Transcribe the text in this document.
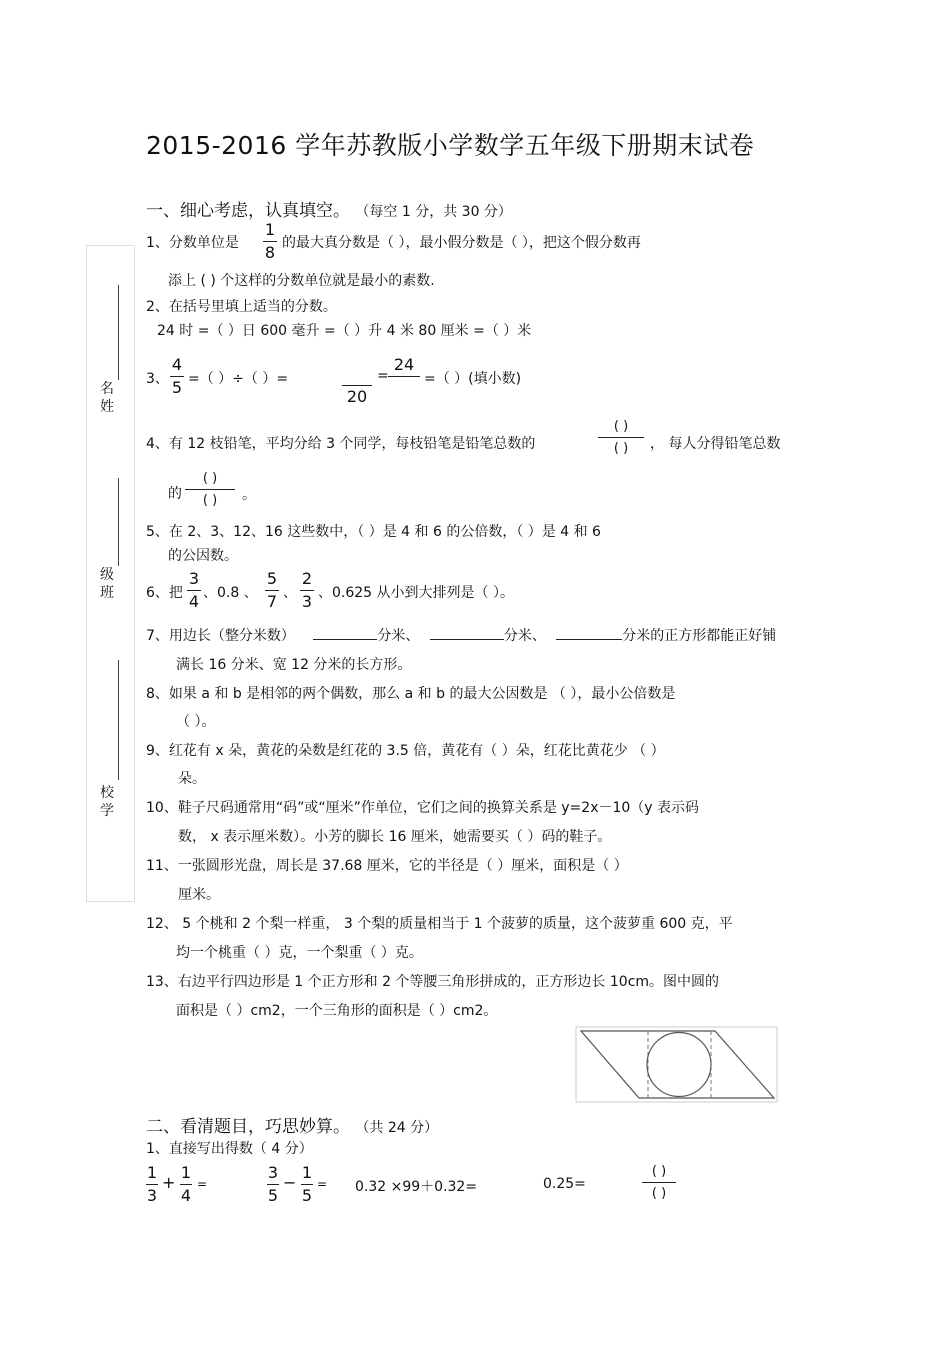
2015-2016 学年苏教版小学数学五年级下册期末试卷
名
姓
级
班
校
学
一、细心考虑，认真填空。 （每空 1 分，共 30 分）
1、分数单位是 $\frac{1}{8}$ 的最大真分数是（ ），最小假分数是（ ），把这个假分数再
添上 ( ) 个这样的分数单位就是最小的素数.
2、在括号里填上适当的分数。
24 时 =（ ）日 600 毫升 =（ ）升 4 米 80 厘米 =（ ）米
3、 $\frac{4}{5}$ =（ ）÷（ ）=

20
=
24

=（ ）(填小数)
4、有 12 枝铅笔，平均分给 3 个同学，每枝铅笔是铅笔总数的
( )
( )	， 每人分得铅笔总数
的
( )
( )	。
5、在 2、3、12、16 这些数中，（ ）是 4 和 6 的公倍数，（ ）是 4 和 6
的公因数。
6、把
3
4 、0.8 、
5
7 、
2
3 、0.625 从小到大排列是（ ）。
7、用边长（整分米数）	分米、	分米、	分米的正方形都能正好铺
满长 16 分米、宽 12 分米的长方形。
8、如果 a 和 b 是相邻的两个偶数，那么 a 和 b 的最大公因数是 （ ），最小公倍数是
（ ）。
9、红花有 x 朵，黄花的朵数是红花的 3.5 倍，黄花有（ ）朵，红花比黄花少 （ ）
朵。
10、鞋子尺码通常用“码”或“厘米”作单位，它们之间的换算关系是 y=2x－10（y 表示码
数， x 表示厘米数）。小芳的脚长 16 厘米，她需要买（ ）码的鞋子。
11、一张圆形光盘，周长是 37.68 厘米，它的半径是（ ）厘米，面积是（ ）
厘米。
12、 5 个桃和 2 个梨一样重， 3 个梨的质量相当于 1 个菠萝的质量，这个菠萝重 600 克，平
均一个桃重（ ）克，一个梨重（ ）克。
13、右边平行四边形是 1 个正方形和 2 个等腰三角形拼成的，正方形边长 10cm。图中圆的
面积是（ ）cm2，一个三角形的面积是（ ）cm2。
二、看清题目，巧思妙算。 （共 24 分）
1、直接写出得数（ 4 分）
1
3
+
1
4
=
3
5
−
1
5
= 0.32 ×99＋0.32=	0.25=
( )
( )
